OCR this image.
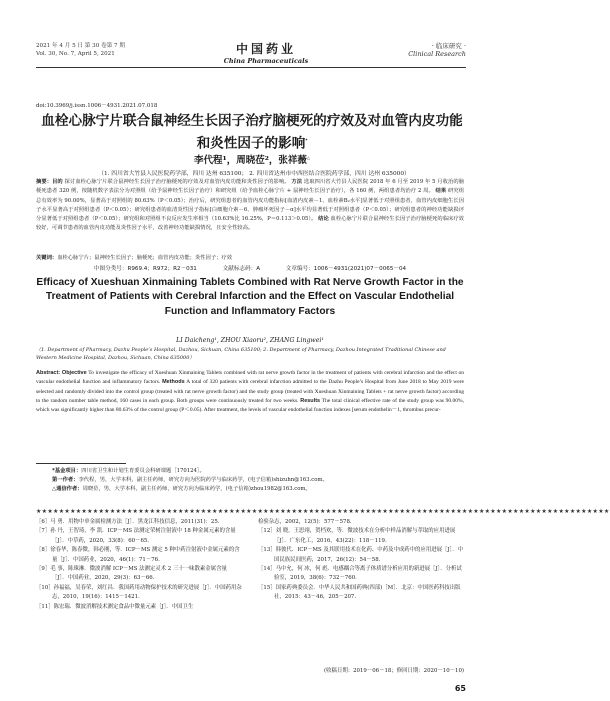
2021 年 4 月 5 日 第 30 卷第 7 期
Vol. 30, No. 7, April 5, 2021	中国药业
China Pharmaceuticals
· 临床研究 ·
Clinical Research
doi:10.3969/j.issn.1006－4931.2021.07.018
血栓心脉宁片联合鼠神经生长因子治疗脑梗死的疗效及对血管内皮功能和炎性因子的影响*
李代程¹，周晓莅²，张祥薇△
（1. 四川省大竹县人民医院药学部，四川 达州 635100； 2. 四川省达州市中西医结合医院药学部，四川 达州 635000）
摘要：目的 探讨血栓心脉宁片联合鼠神经生长因子治疗脑梗死的疗效及对血管内皮功能和炎性因子的影响。 方法 选取四川省大竹县人民医院 2018 年 6 月至 2019 年 5 月收治的脑梗死患者 320 例，按随机数字表法分为对照组（给予鼠神经生长因子治疗）和研究组（给予血栓心脉宁片 + 鼠神经生长因子治疗），各 160 例，两组患者均治疗 2 周。 结果 研究组总有效率为 90.00%，显著高于对照组的 80.63%（P＜0.05）；治疗后，研究组患者的血管内皮功能指标[血清内皮素－1、血栓素B₂水平]显著低于对照组患者，血管内皮细胞生长因子水平显著高于对照组患者（P＜0.05）；研究组患者的血清炎性因子指标[白细胞介素－6、肿瘤坏死因子－α]水平均显著低于对照组患者（P＜0.05）；研究组患者的神经功能缺损评分显著低于对照组患者（P＜0.05）；研究组和对照组不良反应发生率相当（10.63%比 16.25%，P＝0.113＞0.05）。 结论 血栓心脉宁片联合鼠神经生长因子治疗脑梗死的临床疗效较好，可调节患者的血管内皮功能及炎性因子水平，改善神经功能缺损情况，且安全性较高。
关键词：血栓心脉宁片；鼠神经生长因子；脑梗死；血管内皮功能；炎性因子；疗效
中图分类号：R969.4；R972；R2－031	文献标志码：A	文章编号：1006－4931(2021)07－0065－04
Efficacy of Xueshuan Xinmaining Tablets Combined with Rat Nerve Growth Factor in the Treatment of Patients with Cerebral Infarction and the Effect on Vascular Endothelial Function and Inflammatory Factors
LI Daicheng¹, ZHOU Xiaoru², ZHANG Lingwei¹
（1. Department of Pharmacy, Dazhu People’s Hospital, Dazhou, Sichuan, China 635100; 2. Department of Pharmacy, Dazhou Integrated Traditional Chinese and Western Medicine Hospital, Dazhou, Sichuan, China 635000）
Abstract: Objective To investigate the efficacy of Xueshuan Xinmaining Tablets combined with rat nerve growth factor in the treatment of patients with cerebral infarction and the effect on vascular endothelial function and inflammatory factors. Methods A total of 320 patients with cerebral infarction admitted to the Dazhu People’s Hospital from June 2018 to May 2019 were selected and randomly divided into the control group (treated with rat nerve growth factor) and the study group (treated with Xueshuan Xinmaining Tablets + rat nerve growth factor) according to the random number table method, 160 cases in each group. Both groups were continuously treated for two weeks. Results The total clinical effective rate of the study group was 90.00%, which was significantly higher than 80.63% of the control group (P＜0.05). After treatment, the levels of vascular endothelial function indexes [serum endothelin－1, thrombus precur-
*基金项目：四川省卫生和计划生育委员会科研课题［170124］。
第一作者：李代程，男，大学本科，副主任药师，研究方向为医院药学与临床药学，(电子信箱)shizuhn@163.com。
△通信作者：周晓莅，男，大学本科，副主任药师，研究方向为临床药学，(电子信箱)zhou1982@163.com。
★★★★★★★★★★★★★★★★★★★★★★★★★★★★★★★★★★★★★★★★★★★★★★★★★★★★★★★★★★★★★★★★★★★★★★★★★★★★★★★★★★★★★★★★★★★★★★★★★★★★★
［6］马 勇．用物中单金属检测方法［J］．黑龙江科技信息，2011(31)：25.
［7］孙 丹，王智琦，李 凯．ICP－MS 法测定荣树注射液中 18 种金属元素的含量［J］．中草药，2020，33(8)：60－65.
［8］徐春华，陈春微，韩必刚，等．ICP－MS 测定 5 种中药注射液中金属元素的含量［J］．中国药业，2020，46(1)：71－76.
［9］毛 事，陈珠淋．微波消解 ICP－MS 法测定灵术 2 三十一味散素金属含量［J］．中国药业，2020，29(3)：63－66.
［10］孙福福，吴春荣，刘红昌．我国药用动物保护技术的研究进展［J］．中国药用杂志，2010，19(16)：1415－1421.
［11］陈宏瑞．微波消解技术测定食品中微量元素［J］．中国卫生
检验杂志，2002，12(5)：577－578.
［12］刘 晓，王思翊，贺档欢，等．微波技术在分析中样品消解与萃取的应用进展［J］．广东化工，2016，43(22)：118－119.
［13］韩彼代．ICP－MS 及其联用技术在化药、中药及中成药中的应用进展［J］．中国民族民间医药，2017，26(12)：54－58.
［14］马中允，何 冰，何 彪．电感耦合等离子体质谱分析应用的新进展［J］．分析试验室，2019，38(6)：732－760.
［15］国家药典委员会．中华人民共和国药典(四部)［M］．北京：中国医药科技出版社，2015：43－46，205－207.
(收稿日期：2019－06－18；修回日期：2020－10－10)
65
